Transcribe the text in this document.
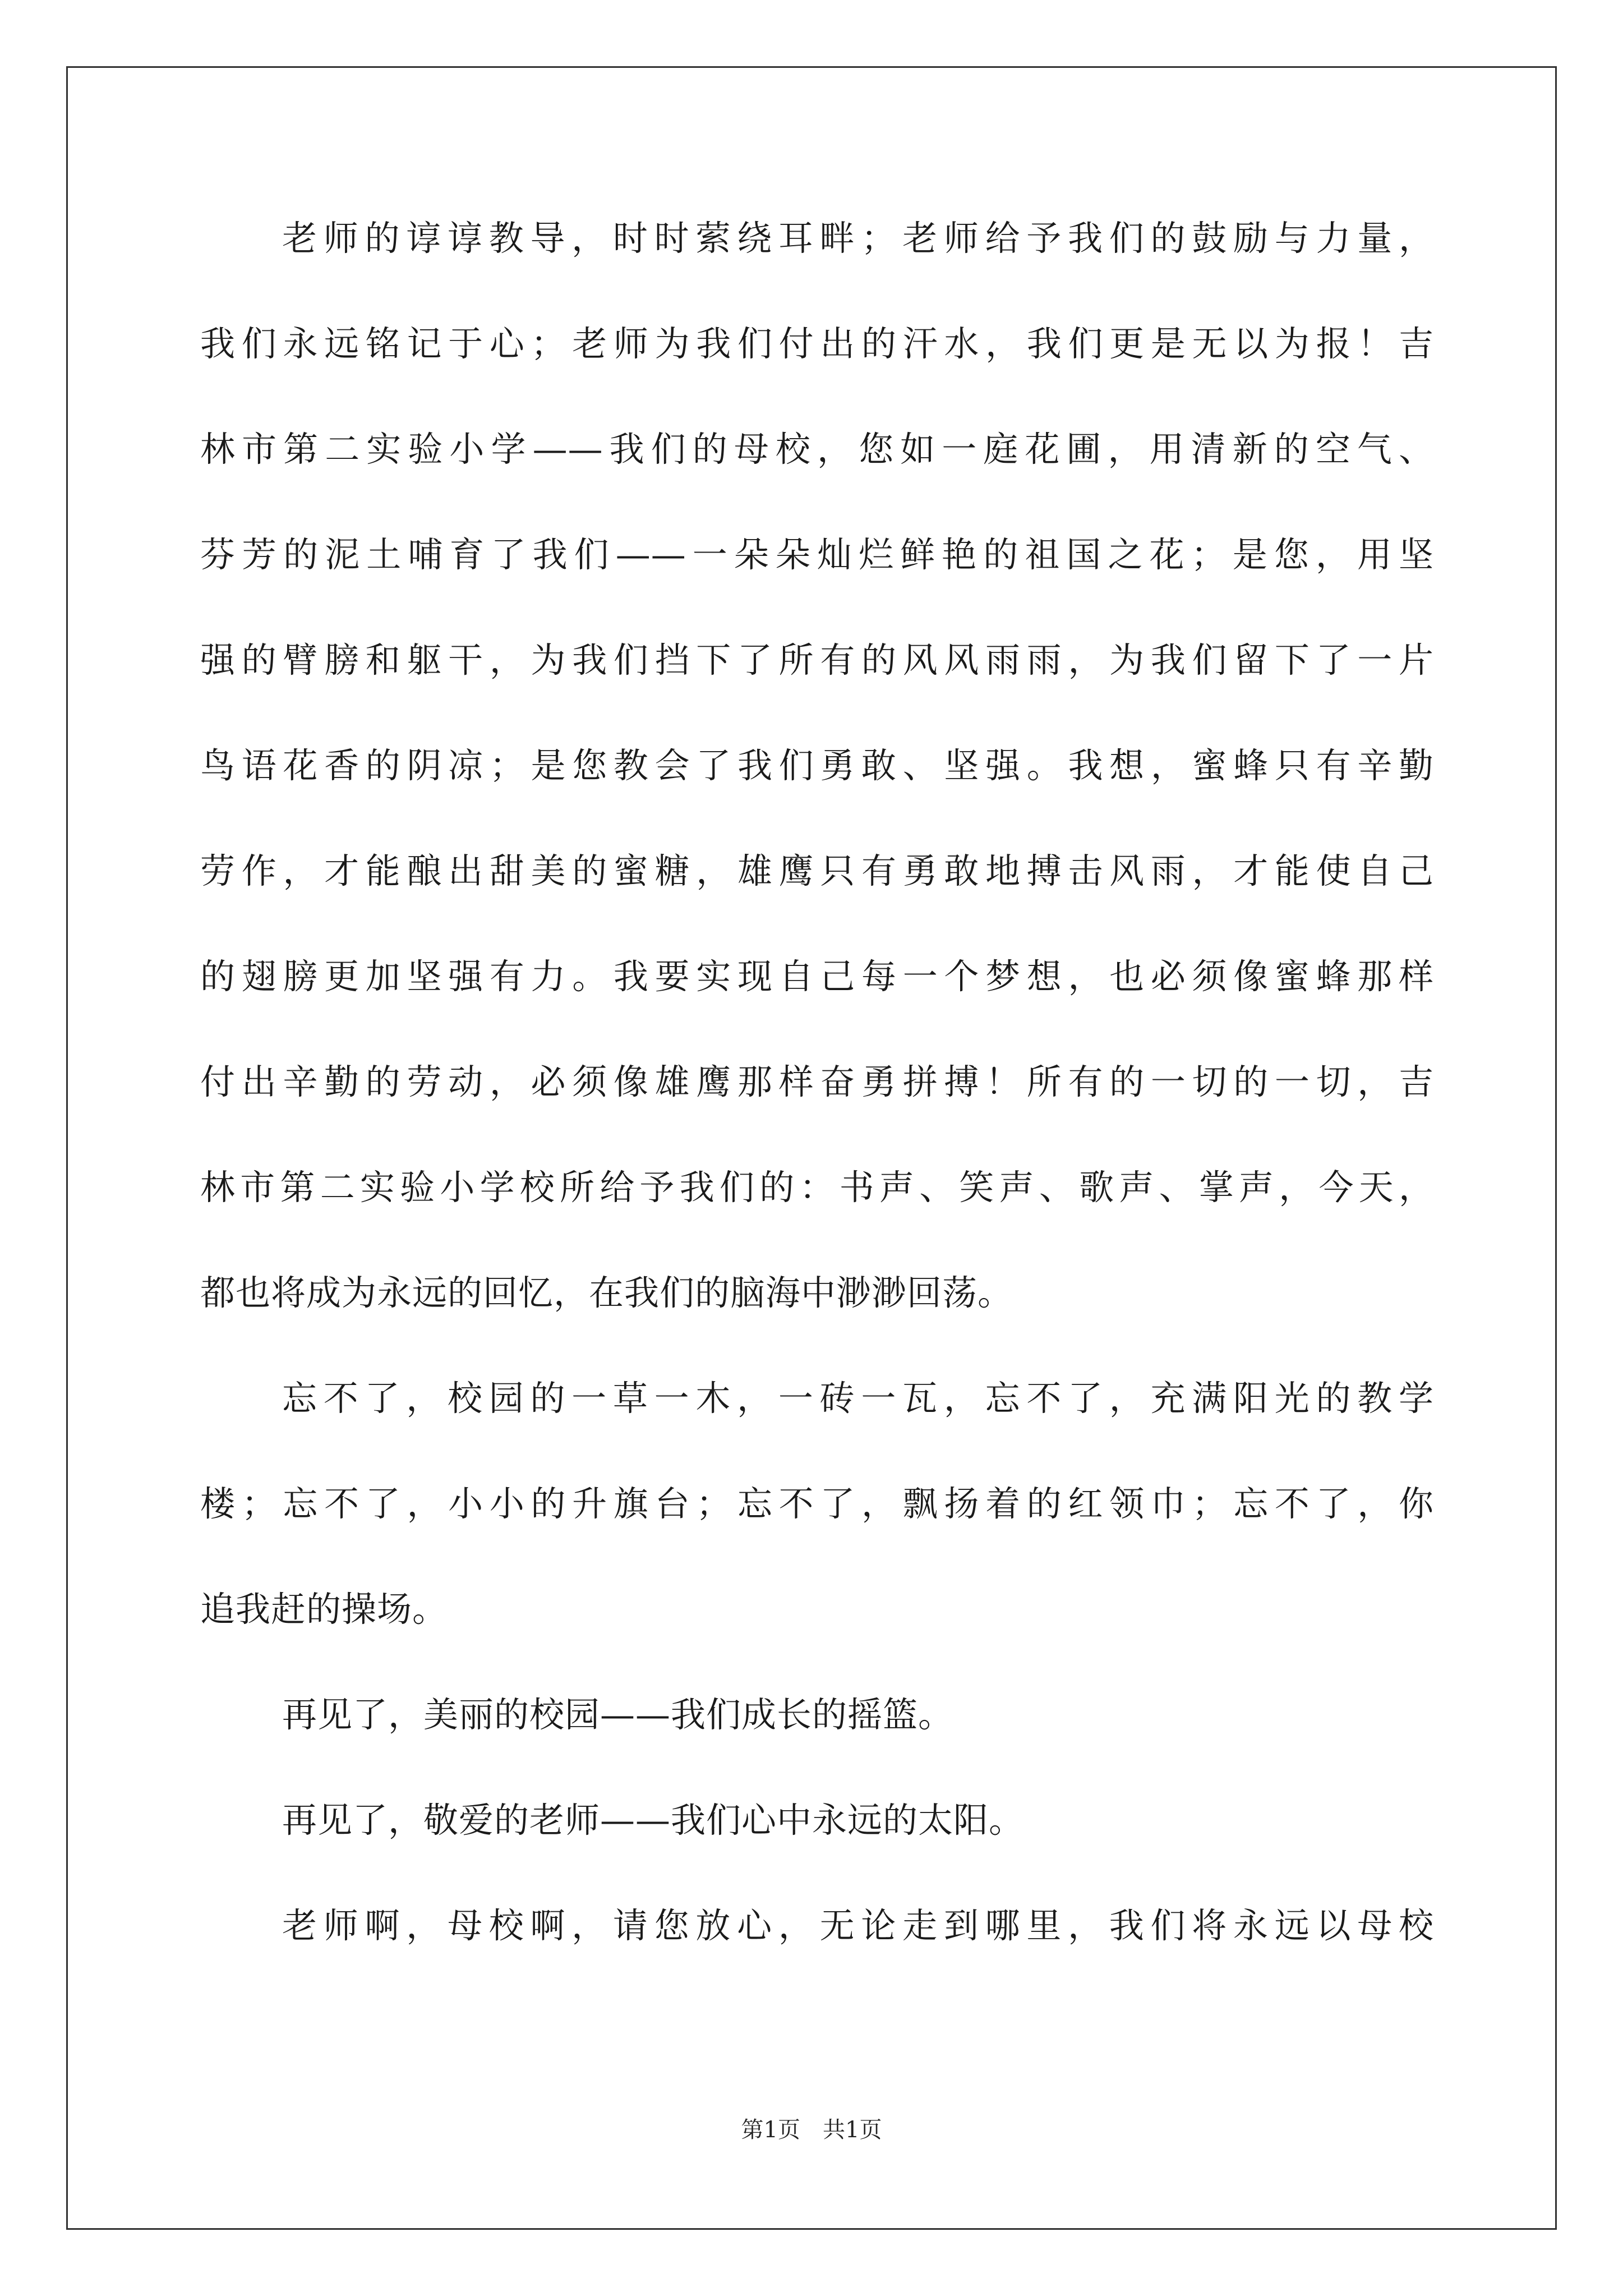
老师的谆谆教导，时时萦绕耳畔；老师给予我们的鼓励与力量，
我们永远铭记于心；老师为我们付出的汗水，我们更是无以为报！吉
林市第二实验小学——我们的母校，您如一庭花圃，用清新的空气、
芬芳的泥土哺育了我们——一朵朵灿烂鲜艳的祖国之花；是您，用坚
强的臂膀和躯干，为我们挡下了所有的风风雨雨，为我们留下了一片
鸟语花香的阴凉；是您教会了我们勇敢、坚强。我想，蜜蜂只有辛勤
劳作，才能酿出甜美的蜜糖，雄鹰只有勇敢地搏击风雨，才能使自己
的翅膀更加坚强有力。我要实现自己每一个梦想，也必须像蜜蜂那样
付出辛勤的劳动，必须像雄鹰那样奋勇拼搏！所有的一切的一切，吉
林市第二实验小学校所给予我们的：书声、笑声、歌声、掌声，今天，
都也将成为永远的回忆，在我们的脑海中渺渺回荡。
忘不了，校园的一草一木，一砖一瓦，忘不了，充满阳光的教学
楼；忘不了，小小的升旗台；忘不了，飘扬着的红领巾；忘不了，你
追我赶的操场。
再见了，美丽的校园——我们成长的摇篮。
再见了，敬爱的老师——我们心中永远的太阳。
老师啊，母校啊，请您放心，无论走到哪里，我们将永远以母校
第1页　共1页
